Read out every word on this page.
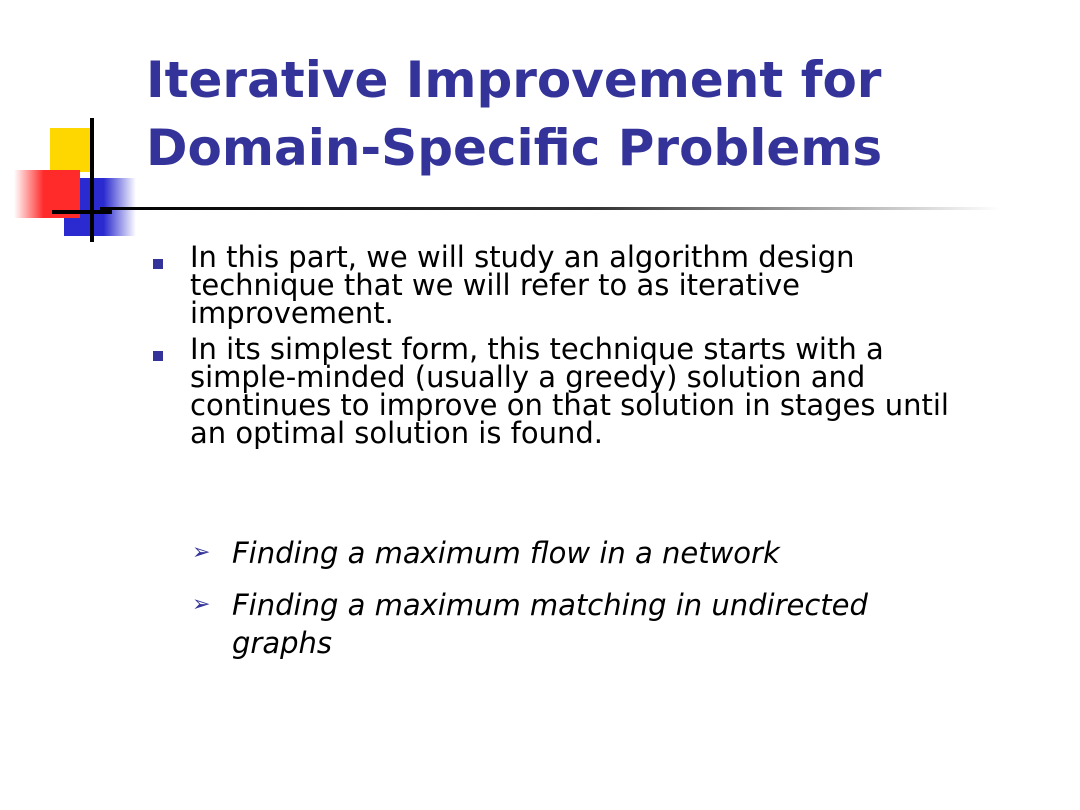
Iterative Improvement for
Domain-Specific Problems
In this part, we will study an algorithm design
technique that we will refer to as iterative
improvement.
In its simplest form, this technique starts with a
simple-minded (usually a greedy) solution and
continues to improve on that solution in stages until
an optimal solution is found.
➢ Finding a maximum flow in a network
➢ Finding a maximum matching in undirected
graphs
